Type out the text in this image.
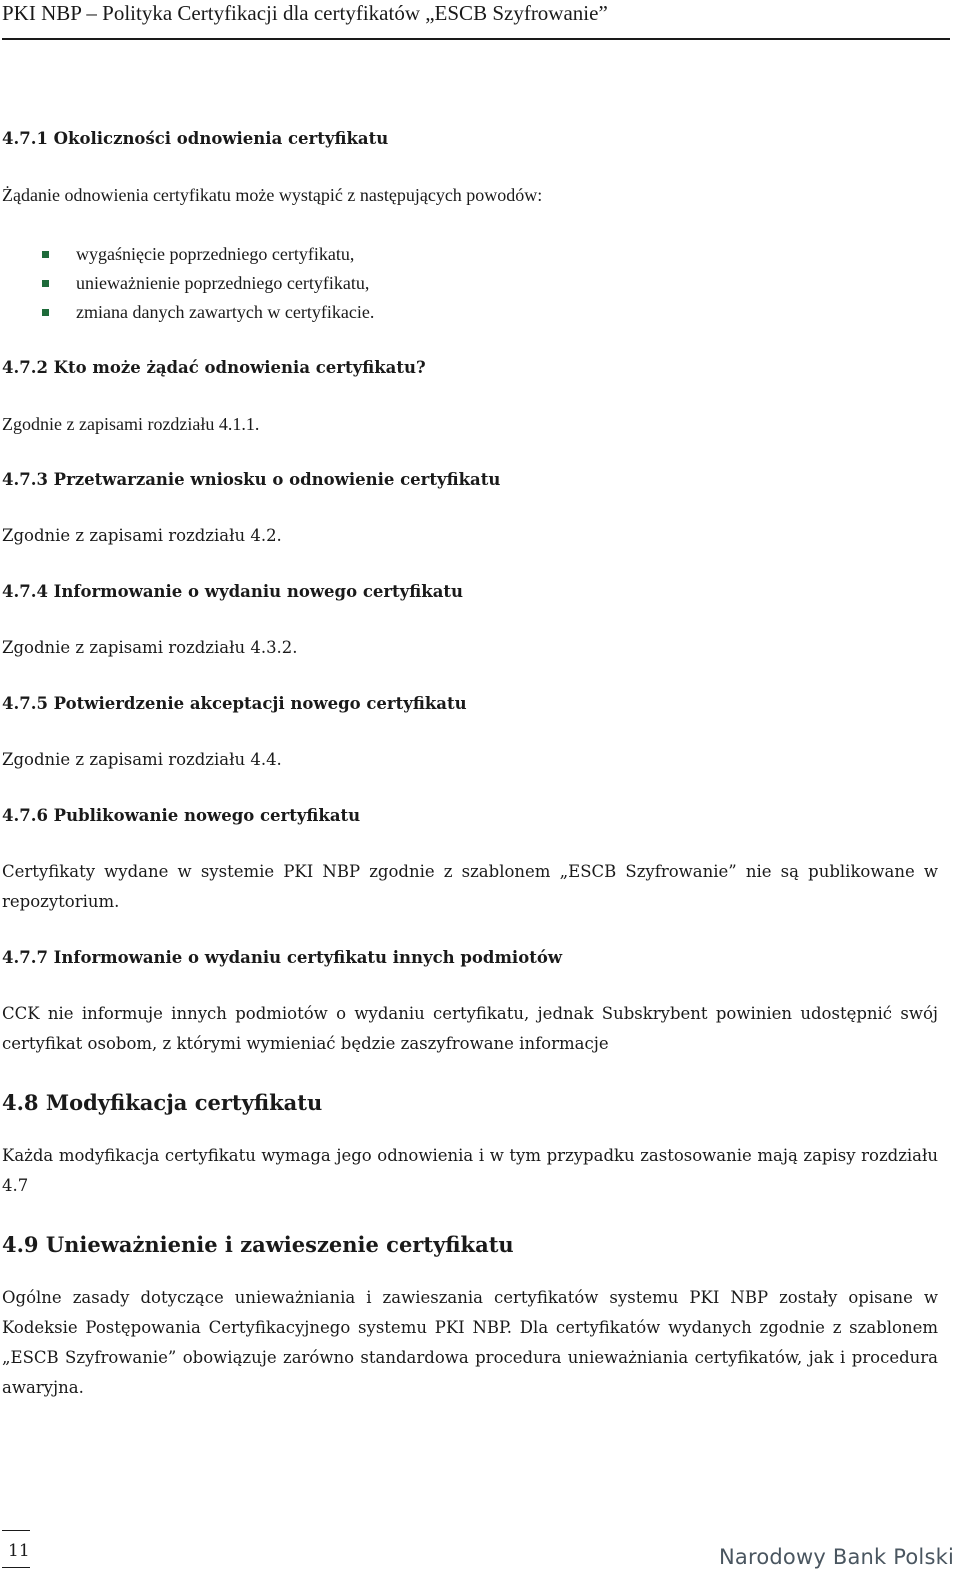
PKI NBP – Polityka Certyfikacji dla certyfikatów „ESCB Szyfrowanie”
4.7.1 Okoliczności odnowienia certyfikatu
Żądanie odnowienia certyfikatu może wystąpić z następujących powodów:
wygaśnięcie poprzedniego certyfikatu,
unieważnienie poprzedniego certyfikatu,
zmiana danych zawartych w certyfikacie.
4.7.2 Kto może żądać odnowienia certyfikatu?
Zgodnie z zapisami rozdziału 4.1.1.
4.7.3 Przetwarzanie wniosku o odnowienie certyfikatu
Zgodnie z zapisami rozdziału 4.2.
4.7.4 Informowanie o wydaniu nowego certyfikatu
Zgodnie z zapisami rozdziału 4.3.2.
4.7.5 Potwierdzenie akceptacji nowego certyfikatu
Zgodnie z zapisami rozdziału 4.4.
4.7.6 Publikowanie nowego certyfikatu
Certyfikaty wydane w systemie PKI NBP zgodnie z szablonem „ESCB Szyfrowanie” nie są publikowane w repozytorium.
4.7.7 Informowanie o wydaniu certyfikatu innych podmiotów
CCK nie informuje innych podmiotów o wydaniu certyfikatu, jednak Subskrybent powinien udostępnić swój certyfikat osobom, z którymi wymieniać będzie zaszyfrowane informacje
4.8 Modyfikacja certyfikatu
Każda modyfikacja certyfikatu wymaga jego odnowienia i w tym przypadku zastosowanie mają zapisy rozdziału 4.7
4.9 Unieważnienie i zawieszenie certyfikatu
Ogólne zasady dotyczące unieważniania i zawieszania certyfikatów systemu PKI NBP zostały opisane w Kodeksie Postępowania Certyfikacyjnego systemu PKI NBP. Dla certyfikatów wydanych zgodnie z szablonem „ESCB Szyfrowanie” obowiązuje zarówno standardowa procedura unieważniania certyfikatów, jak i procedura awaryjna.
11	Narodowy Bank Polski
